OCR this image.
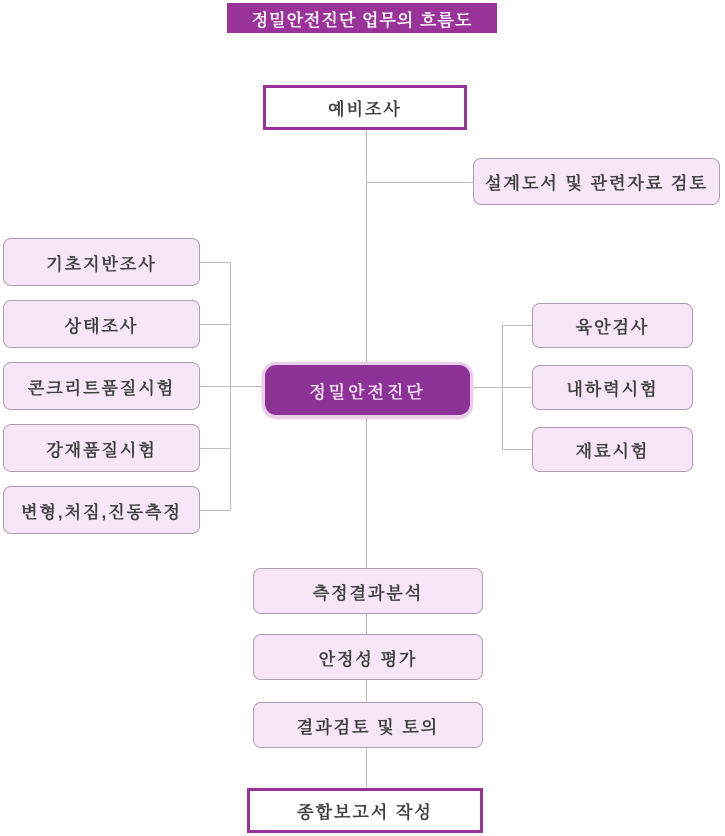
정밀안전진단 업무의 흐름도
예비조사
설계도서 및 관련자료 검토
기초지반조사
상태조사
콘크리트품질시험
강재품질시험
변형,처짐,진동측정
정밀안전진단
육안검사
내하력시험
재료시험
측정결과분석
안정성 평가
결과검토 및 토의
종합보고서 작성
